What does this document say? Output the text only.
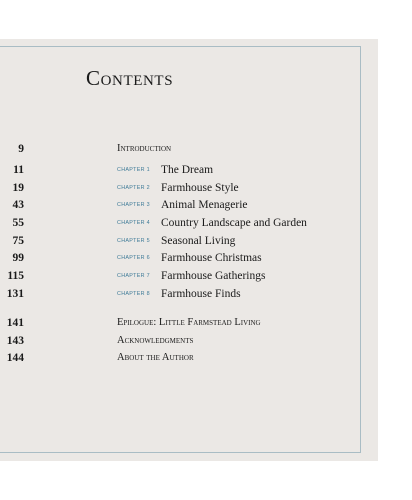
Contents
9	Introduction
11	CHAPTER 1 The Dream
19	CHAPTER 2 Farmhouse Style
43	CHAPTER 3 Animal Menagerie
55	CHAPTER 4 Country Landscape and Garden
75	CHAPTER 5 Seasonal Living
99	CHAPTER 6 Farmhouse Christmas
115	CHAPTER 7 Farmhouse Gatherings
131	CHAPTER 8 Farmhouse Finds
141	Epilogue: Little Farmstead Living
143	Acknowledgments
144	About the Author
